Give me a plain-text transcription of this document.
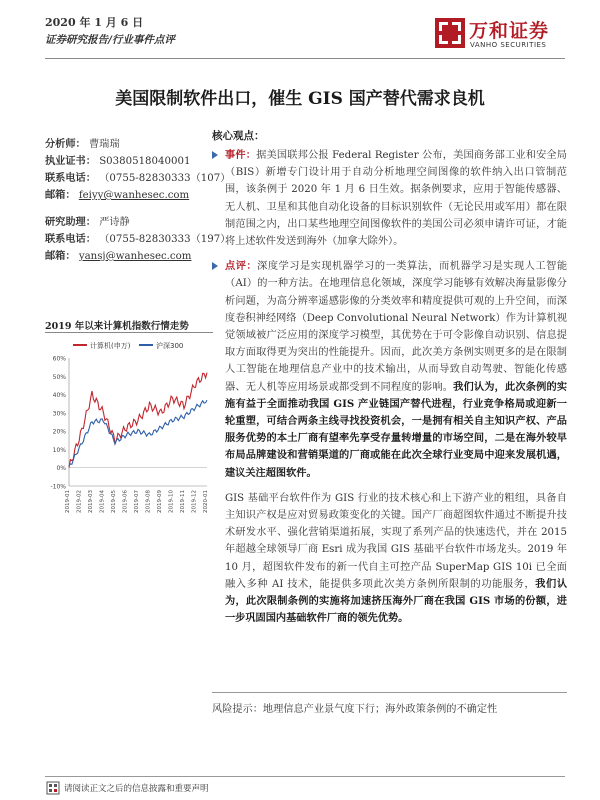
2020 年 1 月 6 日
证券研究报告/行业事件点评	万和证券
VANHO SECURITIES
美国限制软件出口，催生 GIS 国产替代需求良机
分析师： 曹瑞瑞
执业证书： S0380518040001
联系电话： （0755-82830333（107）
邮箱： feiyy@wanhesec.com
研究助理： 严诗静
联系电话： （0755-82830333（197）
邮箱： yansj@wanhesec.com
2019 年以来计算机指数行情走势
计算机(申万)	沪深300
60%
50%
40%
30%
20%
10%
0%
-10%
2019-01 2019-02 2019-03 2019-04 2019-05 2019-06 2019-07 2019-08 2019-09 2019-10 2019-11 2019-12 2020-01
核心观点：
事件：据美国联邦公报 Federal Register 公布，美国商务部工业和安全局（BIS）新增专门设计用于自动分析地理空间图像的软件纳入出口管制范围，该条例于 2020 年 1 月 6 日生效。据条例要求，应用于智能传感器、无人机、卫星和其他自动化设备的目标识别软件（无论民用或军用）都在限制范围之内，出口某些地理空间图像软件的美国公司必须申请许可证，才能将上述软件发送到海外（加拿大除外）。
点评：深度学习是实现机器学习的一类算法，而机器学习是实现人工智能（AI）的一种方法。在地理信息化领域，深度学习能够有效解决海量影像分析问题，为高分辨率遥感影像的分类效率和精度提供可观的上升空间，而深度卷积神经网络（Deep Convolutional Neural Network）作为计算机视觉领域被广泛应用的深度学习模型，其优势在于可令影像自动识别、信息提取方面取得更为突出的性能提升。因而，此次美方条例实则更多的是在限制人工智能在地理信息产业中的技术输出，从而导致自动驾驶、智能化传感器、无人机等应用场景或都受到不同程度的影响。我们认为，此次条例的实施有益于全面推动我国 GIS 产业链国产替代进程，行业竞争格局或迎新一轮重塑，可结合两条主线寻找投资机会，一是拥有相关自主知识产权、产品服务优势的本土厂商有望率先享受存量转增量的市场空间，二是在海外较早布局品牌建设和营销渠道的厂商或能在此次全球行业变局中迎来发展机遇，建议关注超图软件。
GIS 基础平台软件作为 GIS 行业的技术核心和上下游产业的粗纽，具备自主知识产权是应对贸易政策变化的关键。国产厂商超图软件通过不断提升技术研发水平、强化营销渠道拓展，实现了系列产品的快速迭代，并在 2015 年超越全球领导厂商 Esri 成为我国 GIS 基础平台软件市场龙头。2019 年 10 月，超图软件发布的新一代自主可控产品 SuperMap GIS 10i 已全面融入多种 AI 技术，能提供多项此次美方条例所限制的功能服务，我们认为，此次限制条例的实施将加速挤压海外厂商在我国 GIS 市场的份额，进一步巩固国内基础软件厂商的领先优势。
风险提示：地理信息产业景气度下行；海外政策条例的不确定性
请阅读正文之后的信息披露和重要声明
